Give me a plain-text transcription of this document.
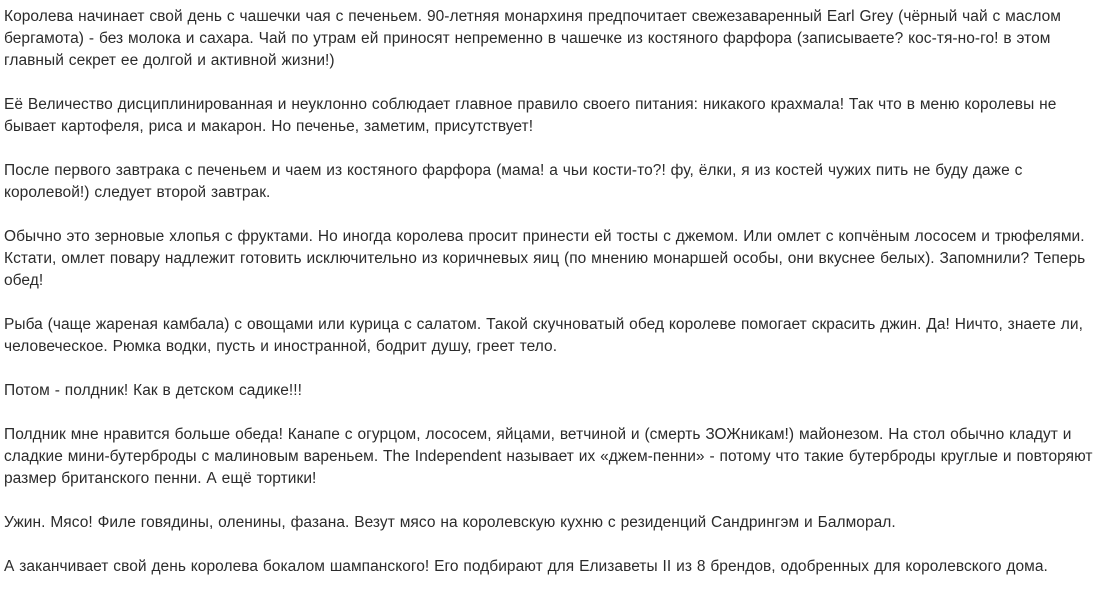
Королева начинает свой день с чашечки чая с печеньем. 90-летняя монархиня предпочитает свежезаваренный Earl Grey (чёрный чай с маслом бергамота) - без молока и сахара. Чай по утрам ей приносят непременно в чашечке из костяного фарфора (записываете? кос-тя-но-го! в этом главный секрет ее долгой и активной жизни!)

Её Величество дисциплинированная и неуклонно соблюдает главное правило своего питания: никакого крахмала! Так что в меню королевы не бывает картофеля, риса и макарон. Но печенье, заметим, присутствует!

После первого завтрака с печеньем и чаем из костяного фарфора (мама! а чьи кости-то?! фу, ёлки, я из костей чужих пить не буду даже с королевой!) следует второй завтрак.

Обычно это зерновые хлопья с фруктами. Но иногда королева просит принести ей тосты с джемом. Или омлет с копчёным лососем и трюфелями. Кстати, омлет повару надлежит готовить исключительно из коричневых яиц (по мнению монаршей особы, они вкуснее белых). Запомнили? Теперь обед!

Рыба (чаще жареная камбала) с овощами или курица с салатом. Такой скучноватый обед королеве помогает скрасить джин. Да! Ничто, знаете ли, человеческое. Рюмка водки, пусть и иностранной, бодрит душу, греет тело.

Потом - полдник! Как в детском садике!!!

Полдник мне нравится больше обеда! Канапе с огурцом, лососем, яйцами, ветчиной и (смерть ЗОЖникам!) майонезом. На стол обычно кладут и сладкие мини-бутерброды с малиновым вареньем. The Independent называет их «джем-пенни» - потому что такие бутерброды круглые и повторяют размер британского пенни. А ещё тортики!

Ужин. Мясо! Филе говядины, оленины, фазана. Везут мясо на королевскую кухню с резиденций Сандрингэм и Балморал.

А заканчивает свой день королева бокалом шампанского! Его подбирают для Елизаветы II из 8 брендов, одобренных для королевского дома.
